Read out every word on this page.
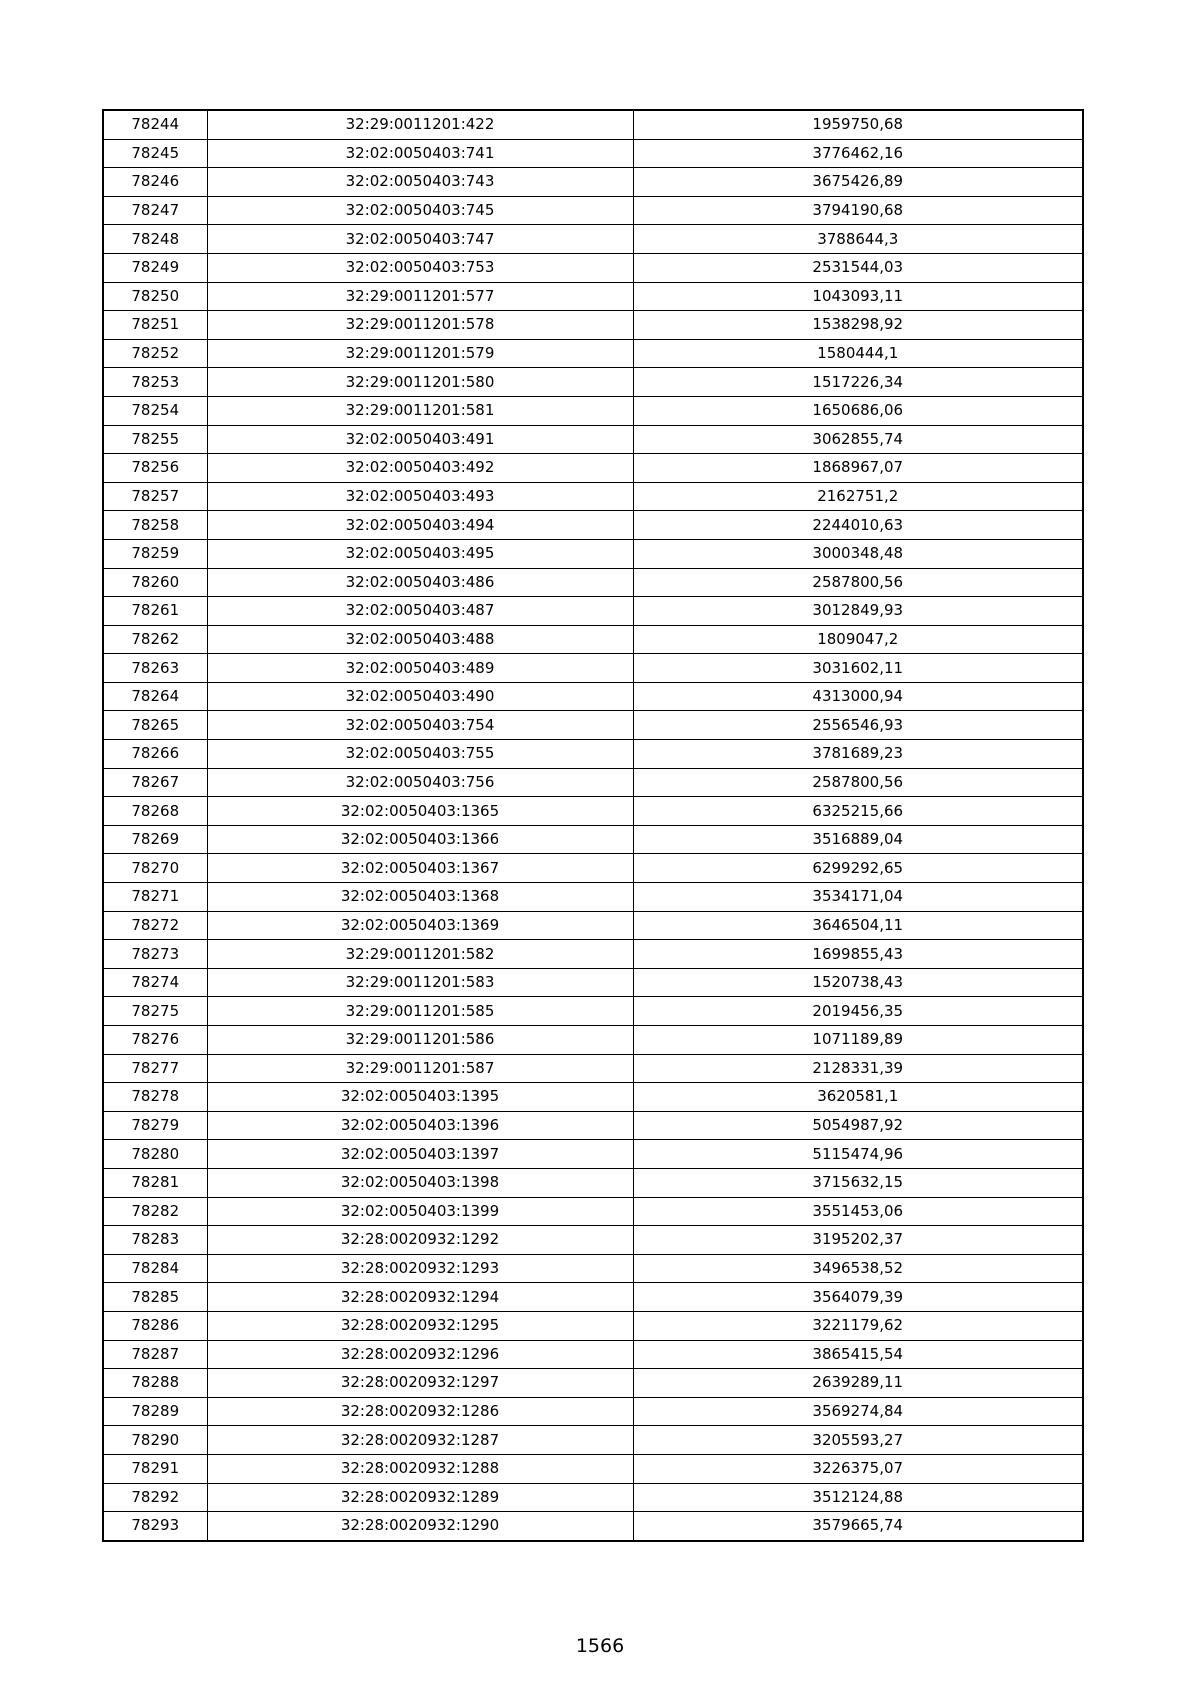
78244	32:29:0011201:422	1959750,68
78245	32:02:0050403:741	3776462,16
78246	32:02:0050403:743	3675426,89
78247	32:02:0050403:745	3794190,68
78248	32:02:0050403:747	3788644,3
78249	32:02:0050403:753	2531544,03
78250	32:29:0011201:577	1043093,11
78251	32:29:0011201:578	1538298,92
78252	32:29:0011201:579	1580444,1
78253	32:29:0011201:580	1517226,34
78254	32:29:0011201:581	1650686,06
78255	32:02:0050403:491	3062855,74
78256	32:02:0050403:492	1868967,07
78257	32:02:0050403:493	2162751,2
78258	32:02:0050403:494	2244010,63
78259	32:02:0050403:495	3000348,48
78260	32:02:0050403:486	2587800,56
78261	32:02:0050403:487	3012849,93
78262	32:02:0050403:488	1809047,2
78263	32:02:0050403:489	3031602,11
78264	32:02:0050403:490	4313000,94
78265	32:02:0050403:754	2556546,93
78266	32:02:0050403:755	3781689,23
78267	32:02:0050403:756	2587800,56
78268	32:02:0050403:1365	6325215,66
78269	32:02:0050403:1366	3516889,04
78270	32:02:0050403:1367	6299292,65
78271	32:02:0050403:1368	3534171,04
78272	32:02:0050403:1369	3646504,11
78273	32:29:0011201:582	1699855,43
78274	32:29:0011201:583	1520738,43
78275	32:29:0011201:585	2019456,35
78276	32:29:0011201:586	1071189,89
78277	32:29:0011201:587	2128331,39
78278	32:02:0050403:1395	3620581,1
78279	32:02:0050403:1396	5054987,92
78280	32:02:0050403:1397	5115474,96
78281	32:02:0050403:1398	3715632,15
78282	32:02:0050403:1399	3551453,06
78283	32:28:0020932:1292	3195202,37
78284	32:28:0020932:1293	3496538,52
78285	32:28:0020932:1294	3564079,39
78286	32:28:0020932:1295	3221179,62
78287	32:28:0020932:1296	3865415,54
78288	32:28:0020932:1297	2639289,11
78289	32:28:0020932:1286	3569274,84
78290	32:28:0020932:1287	3205593,27
78291	32:28:0020932:1288	3226375,07
78292	32:28:0020932:1289	3512124,88
78293	32:28:0020932:1290	3579665,74
1566
